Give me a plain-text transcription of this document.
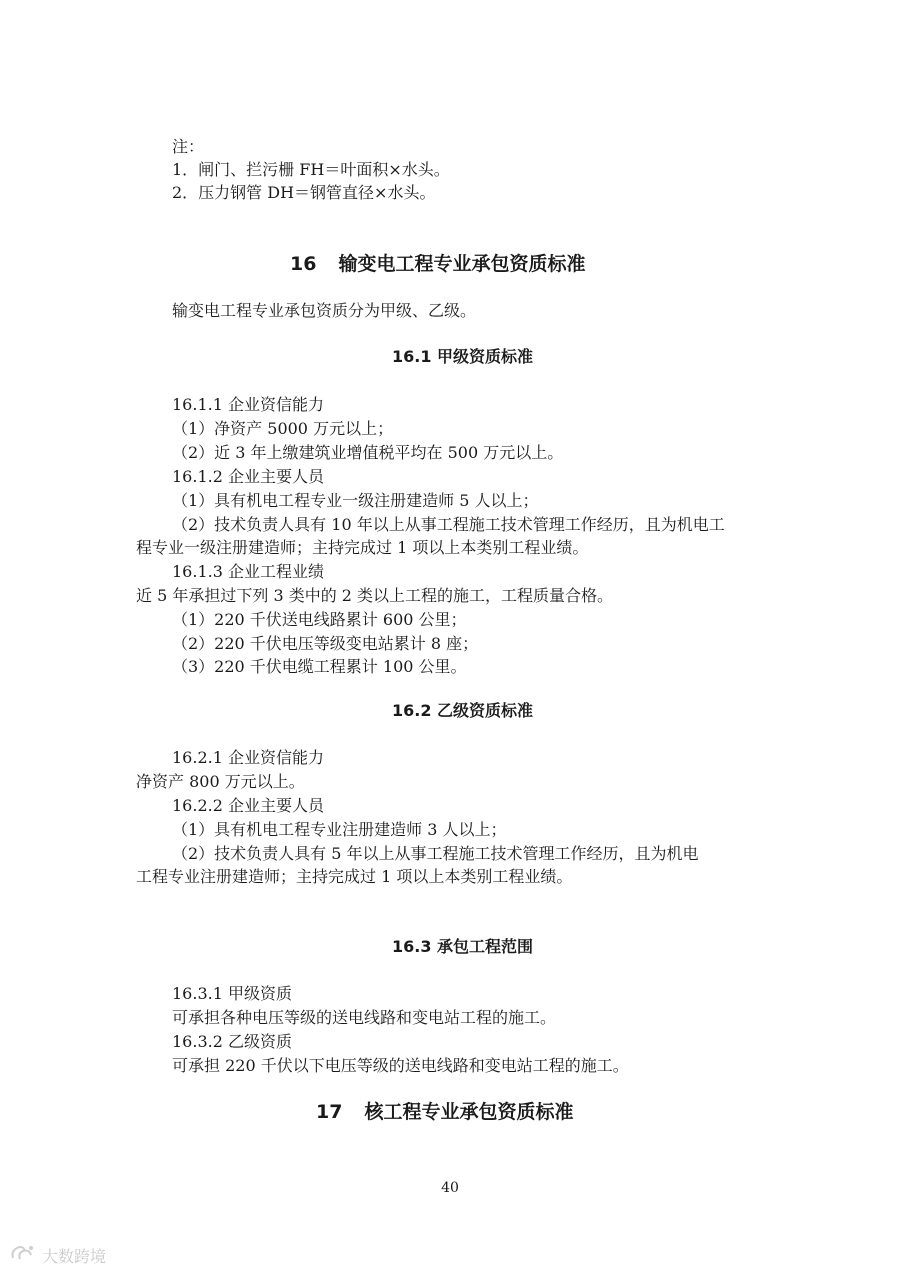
注：
1．闸门、拦污栅 FH＝叶面积×水头。
2．压力钢管 DH＝钢管直径×水头。
16 输变电工程专业承包资质标准
输变电工程专业承包资质分为甲级、乙级。
16.1 甲级资质标准
16.1.1 企业资信能力
（1）净资产 5000 万元以上；
（2）近 3 年上缴建筑业增值税平均在 500 万元以上。
16.1.2 企业主要人员
（1）具有机电工程专业一级注册建造师 5 人以上；
（2）技术负责人具有 10 年以上从事工程施工技术管理工作经历，且为机电工
程专业一级注册建造师；主持完成过 1 项以上本类别工程业绩。
16.1.3 企业工程业绩
近 5 年承担过下列 3 类中的 2 类以上工程的施工，工程质量合格。
（1）220 千伏送电线路累计 600 公里；
（2）220 千伏电压等级变电站累计 8 座；
（3）220 千伏电缆工程累计 100 公里。
16.2 乙级资质标准
16.2.1 企业资信能力
净资产 800 万元以上。
16.2.2 企业主要人员
（1）具有机电工程专业注册建造师 3 人以上；
（2）技术负责人具有 5 年以上从事工程施工技术管理工作经历，且为机电
工程专业注册建造师；主持完成过 1 项以上本类别工程业绩。
16.3 承包工程范围
16.3.1 甲级资质
可承担各种电压等级的送电线路和变电站工程的施工。
16.3.2 乙级资质
可承担 220 千伏以下电压等级的送电线路和变电站工程的施工。
17 核工程专业承包资质标准
40
大数跨境
